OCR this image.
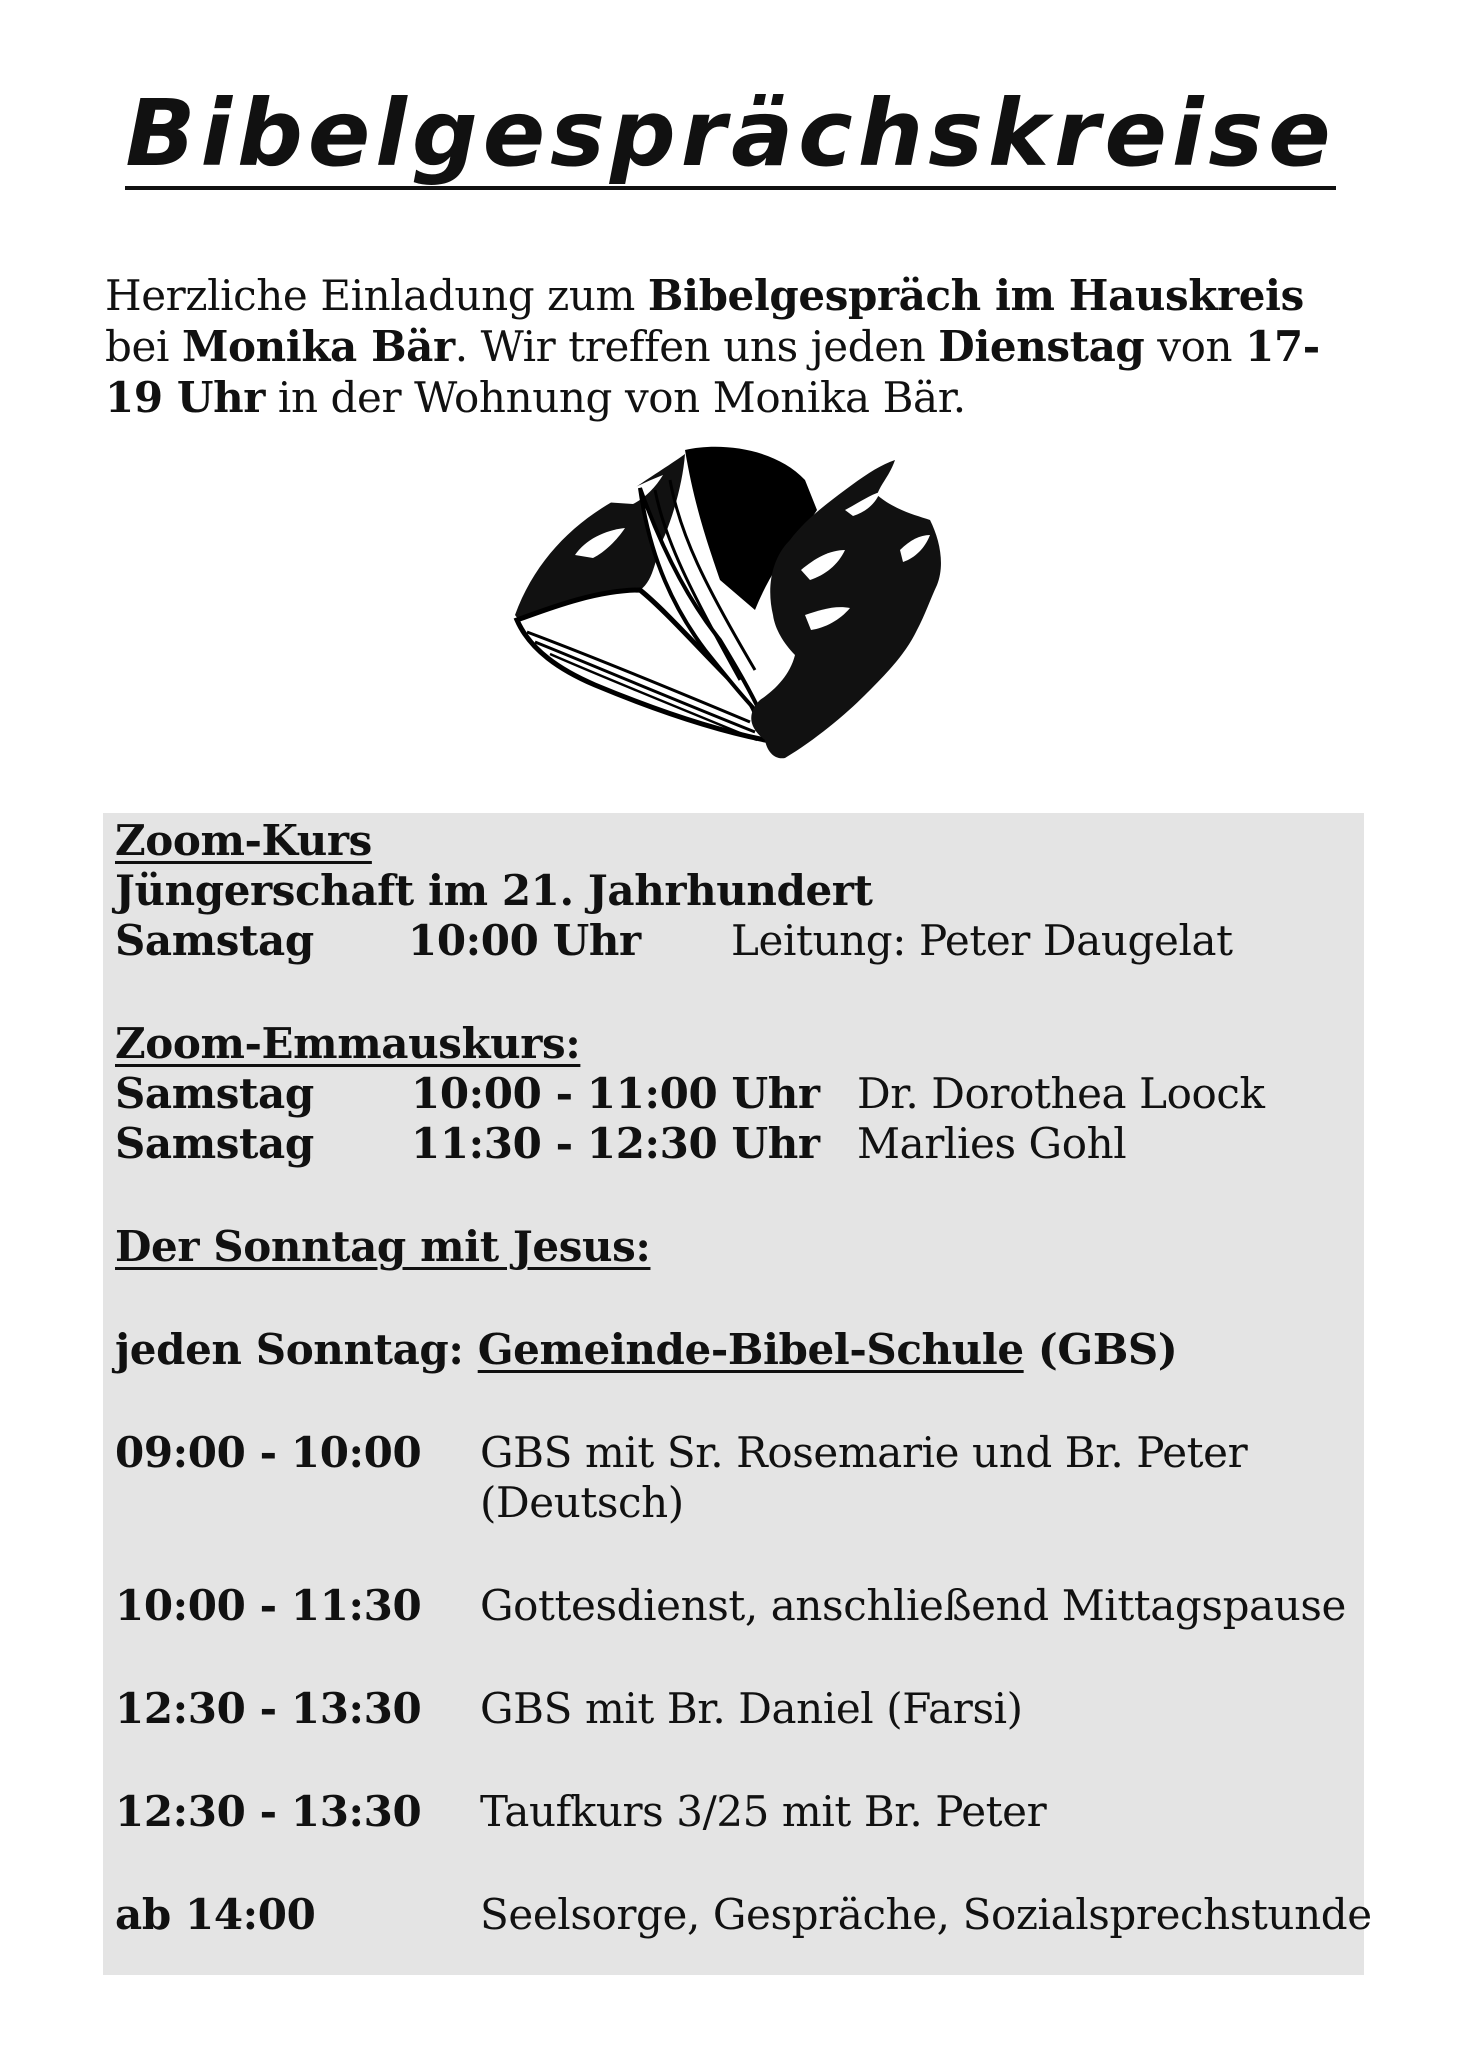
Bibelgesprächskreise

Herzliche Einladung zum Bibelgespräch im Hauskreis bei Monika Bär. Wir treffen uns jeden Dienstag von 17-19 Uhr in der Wohnung von Monika Bär.

Zoom-Kurs
Jüngerschaft im 21. Jahrhundert
Samstag 10:00 Uhr Leitung: Peter Daugelat
Zoom-Emmauskurs:
Samstag 10:00 - 11:00 Uhr Dr. Dorothea Loock
Samstag 11:30 - 12:30 Uhr Marlies Gohl
Der Sonntag mit Jesus:
jeden Sonntag: Gemeinde-Bibel-Schule (GBS)
09:00 - 10:00 GBS mit Sr. Rosemarie und Br. Peter
(Deutsch)
10:00 - 11:30 Gottesdienst, anschließend Mittagspause
12:30 - 13:30 GBS mit Br. Daniel (Farsi)
12:30 - 13:30 Taufkurs 3/25 mit Br. Peter
ab 14:00	Seelsorge, Gespräche, Sozialsprechstunde
